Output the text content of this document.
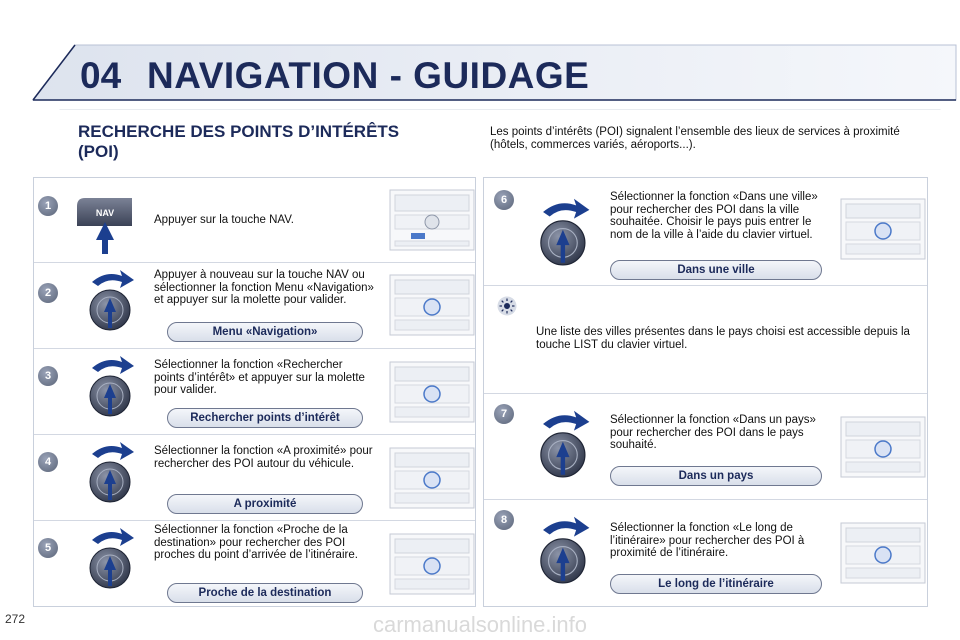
04 NAVIGATION - GUIDAGE
RECHERCHE DES POINTS D’INTÉRÊTS
(POI)
Les points d’intérêts (POI) signalent l’ensemble des lieux de services à proximité (hôtels, commerces variés, aéroports...).
1
NAV
Appuyer sur la touche NAV.
2
Appuyer à nouveau sur la touche NAV ou sélectionner la fonction Menu «Navigation» et appuyer sur la molette pour valider.
Menu «Navigation»
3
Sélectionner la fonction «Rechercher points d’intérêt» et appuyer sur la molette pour valider.
Rechercher points d’intérêt
4
Sélectionner la fonction «A proximité» pour rechercher des POI autour du véhicule.
A proximité
5
Sélectionner la fonction «Proche de la destination» pour rechercher des POI proches du point d’arrivée de l’itinéraire.
Proche de la destination
6	Sélectionner la fonction «Dans une ville» pour rechercher des POI dans la ville souhaitée. Choisir le pays puis entrer le nom de la ville à l’aide du clavier virtuel.
Dans une ville
Une liste des villes présentes dans le pays choisi est accessible depuis la touche LIST du clavier virtuel.
7	Sélectionner la fonction «Dans un pays» pour rechercher des POI dans le pays souhaité.
Dans un pays
8
Sélectionner la fonction «Le long de l’itinéraire» pour rechercher des POI à proximité de l’itinéraire.
Le long de l’itinéraire
272	carmanualsonline.info
